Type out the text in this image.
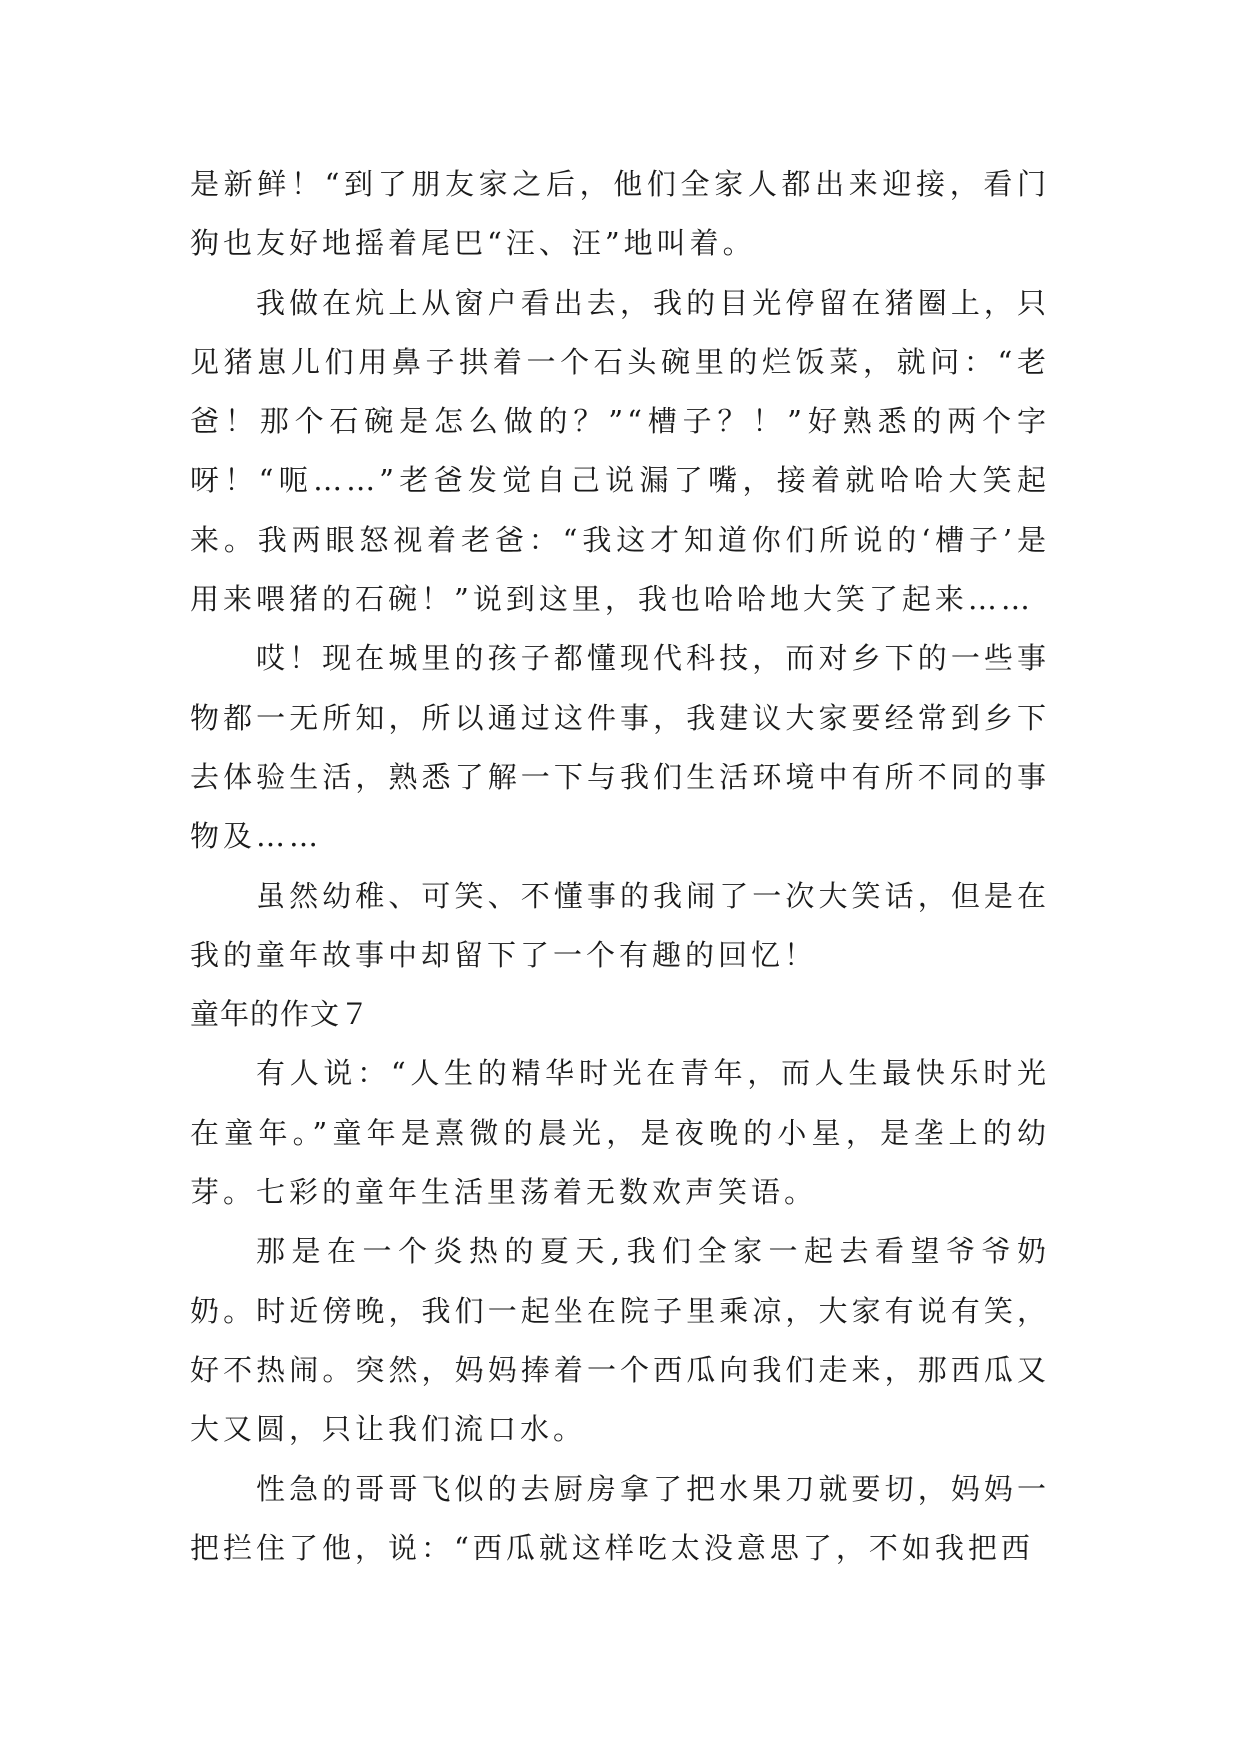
是新鲜！“到了朋友家之后，他们全家人都出来迎接，看门狗也友好地摇着尾巴“汪、汪”地叫着。

我做在炕上从窗户看出去，我的目光停留在猪圈上，只见猪崽儿们用鼻子拱着一个石头碗里的烂饭菜，就问：“老爸！那个石碗是怎么做的？”“槽子？！”好熟悉的两个字呀！“呃……”老爸发觉自己说漏了嘴，接着就哈哈大笑起来。我两眼怒视着老爸：“我这才知道你们所说的‘槽子’是用来喂猪的石碗！”说到这里，我也哈哈地大笑了起来……

哎！现在城里的孩子都懂现代科技，而对乡下的一些事物都一无所知，所以通过这件事，我建议大家要经常到乡下去体验生活，熟悉了解一下与我们生活环境中有所不同的事物及……

虽然幼稚、可笑、不懂事的我闹了一次大笑话，但是在我的童年故事中却留下了一个有趣的回忆！

童年的作文７

有人说：“人生的精华时光在青年，而人生最快乐时光在童年。”童年是熹微的晨光，是夜晚的小星，是垄上的幼芽。七彩的童年生活里荡着无数欢声笑语。

那是在一个炎热的夏天,我们全家一起去看望爷爷奶奶。时近傍晚，我们一起坐在院子里乘凉，大家有说有笑，好不热闹。突然，妈妈捧着一个西瓜向我们走来，那西瓜又大又圆，只让我们流口水。

性急的哥哥飞似的去厨房拿了把水果刀就要切，妈妈一把拦住了他，说：“西瓜就这样吃太没意思了，不如我把西
